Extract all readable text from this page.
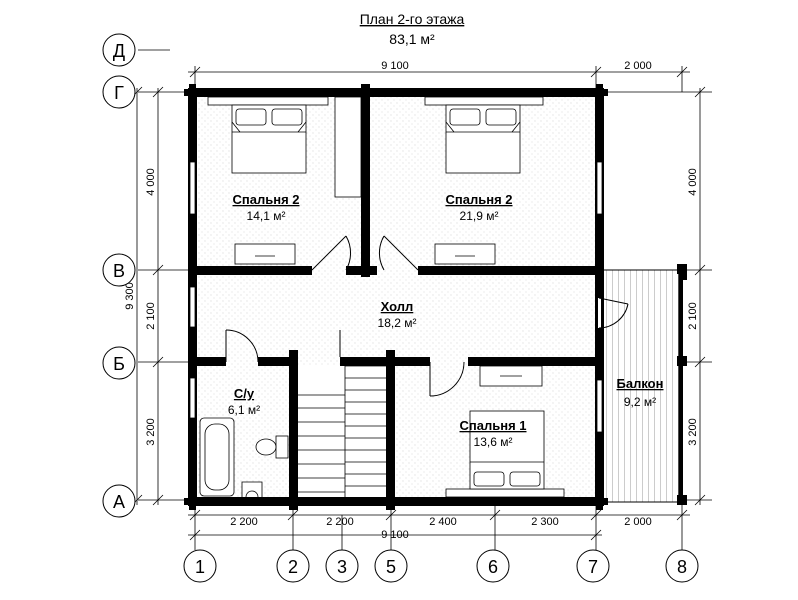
План 2-го этажа
83,1 м²
9 100	2 000
4 000
9 300
2 100
3 200
4 000
2 100
3 200
2 200	2 200	2 400	2 300	2 000
9 100
Спальня 2
14,1 м²
Спальня 2
21,9 м²
Холл
18,2 м²
С/у
6,1 м²
Спальня 1
13,6 м²
Балкон
9,2 м²
Д
Г
В
Б
А
1	2 3 5	6	7	8
